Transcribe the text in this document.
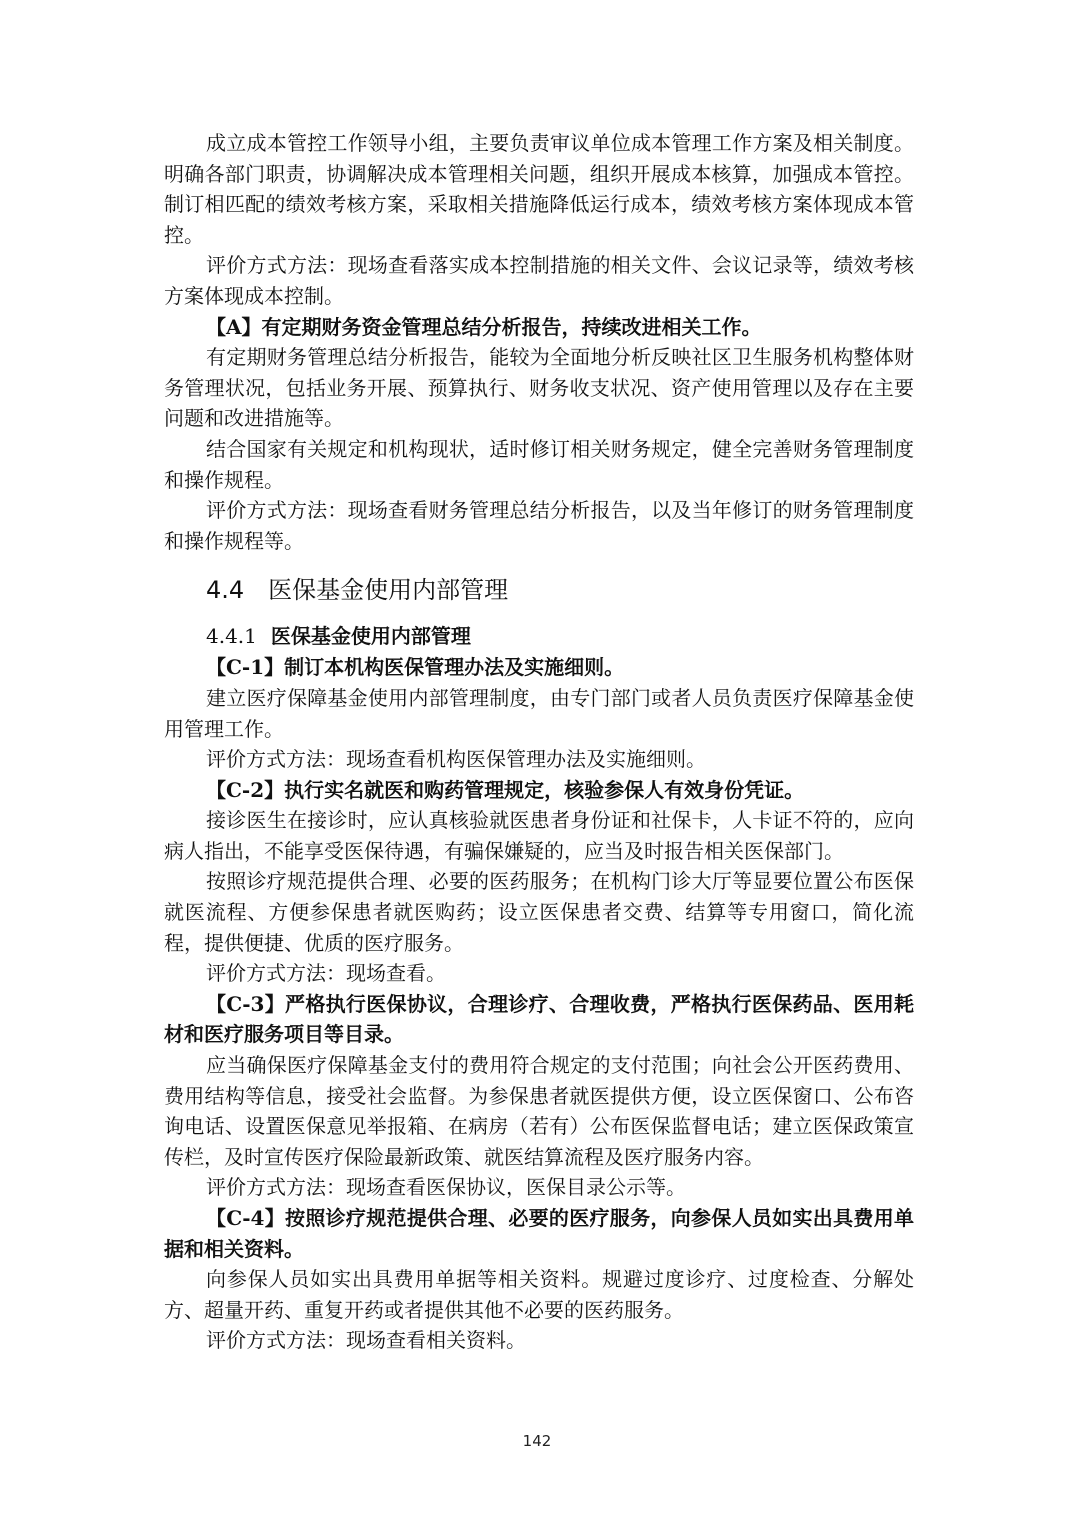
成立成本管控工作领导小组，主要负责审议单位成本管理工作方案及相关制度。明确各部门职责，协调解决成本管理相关问题，组织开展成本核算，加强成本管控。制订相匹配的绩效考核方案，采取相关措施降低运行成本，绩效考核方案体现成本管控。

评价方式方法：现场查看落实成本控制措施的相关文件、会议记录等，绩效考核方案体现成本控制。

【A】有定期财务资金管理总结分析报告，持续改进相关工作。

有定期财务管理总结分析报告，能较为全面地分析反映社区卫生服务机构整体财务管理状况，包括业务开展、预算执行、财务收支状况、资产使用管理以及存在主要问题和改进措施等。

结合国家有关规定和机构现状，适时修订相关财务规定，健全完善财务管理制度和操作规程。

评价方式方法：现场查看财务管理总结分析报告，以及当年修订的财务管理制度和操作规程等。

4.4　医保基金使用内部管理
4.4.1 医保基金使用内部管理

【C-1】制订本机构医保管理办法及实施细则。

建立医疗保障基金使用内部管理制度，由专门部门或者人员负责医疗保障基金使用管理工作。

评价方式方法：现场查看机构医保管理办法及实施细则。

【C-2】执行实名就医和购药管理规定，核验参保人有效身份凭证。

接诊医生在接诊时，应认真核验就医患者身份证和社保卡，人卡证不符的，应向病人指出，不能享受医保待遇，有骗保嫌疑的，应当及时报告相关医保部门。

按照诊疗规范提供合理、必要的医药服务；在机构门诊大厅等显要位置公布医保就医流程、方便参保患者就医购药；设立医保患者交费、结算等专用窗口，简化流程，提供便捷、优质的医疗服务。

评价方式方法：现场查看。

【C-3】严格执行医保协议，合理诊疗、合理收费，严格执行医保药品、医用耗材和医疗服务项目等目录。

应当确保医疗保障基金支付的费用符合规定的支付范围；向社会公开医药费用、费用结构等信息，接受社会监督。为参保患者就医提供方便，设立医保窗口、公布咨询电话、设置医保意见举报箱、在病房（若有）公布医保监督电话；建立医保政策宣传栏，及时宣传医疗保险最新政策、就医结算流程及医疗服务内容。

评价方式方法：现场查看医保协议，医保目录公示等。

【C-4】按照诊疗规范提供合理、必要的医疗服务，向参保人员如实出具费用单据和相关资料。

向参保人员如实出具费用单据等相关资料。规避过度诊疗、过度检查、分解处方、超量开药、重复开药或者提供其他不必要的医药服务。

评价方式方法：现场查看相关资料。

142
